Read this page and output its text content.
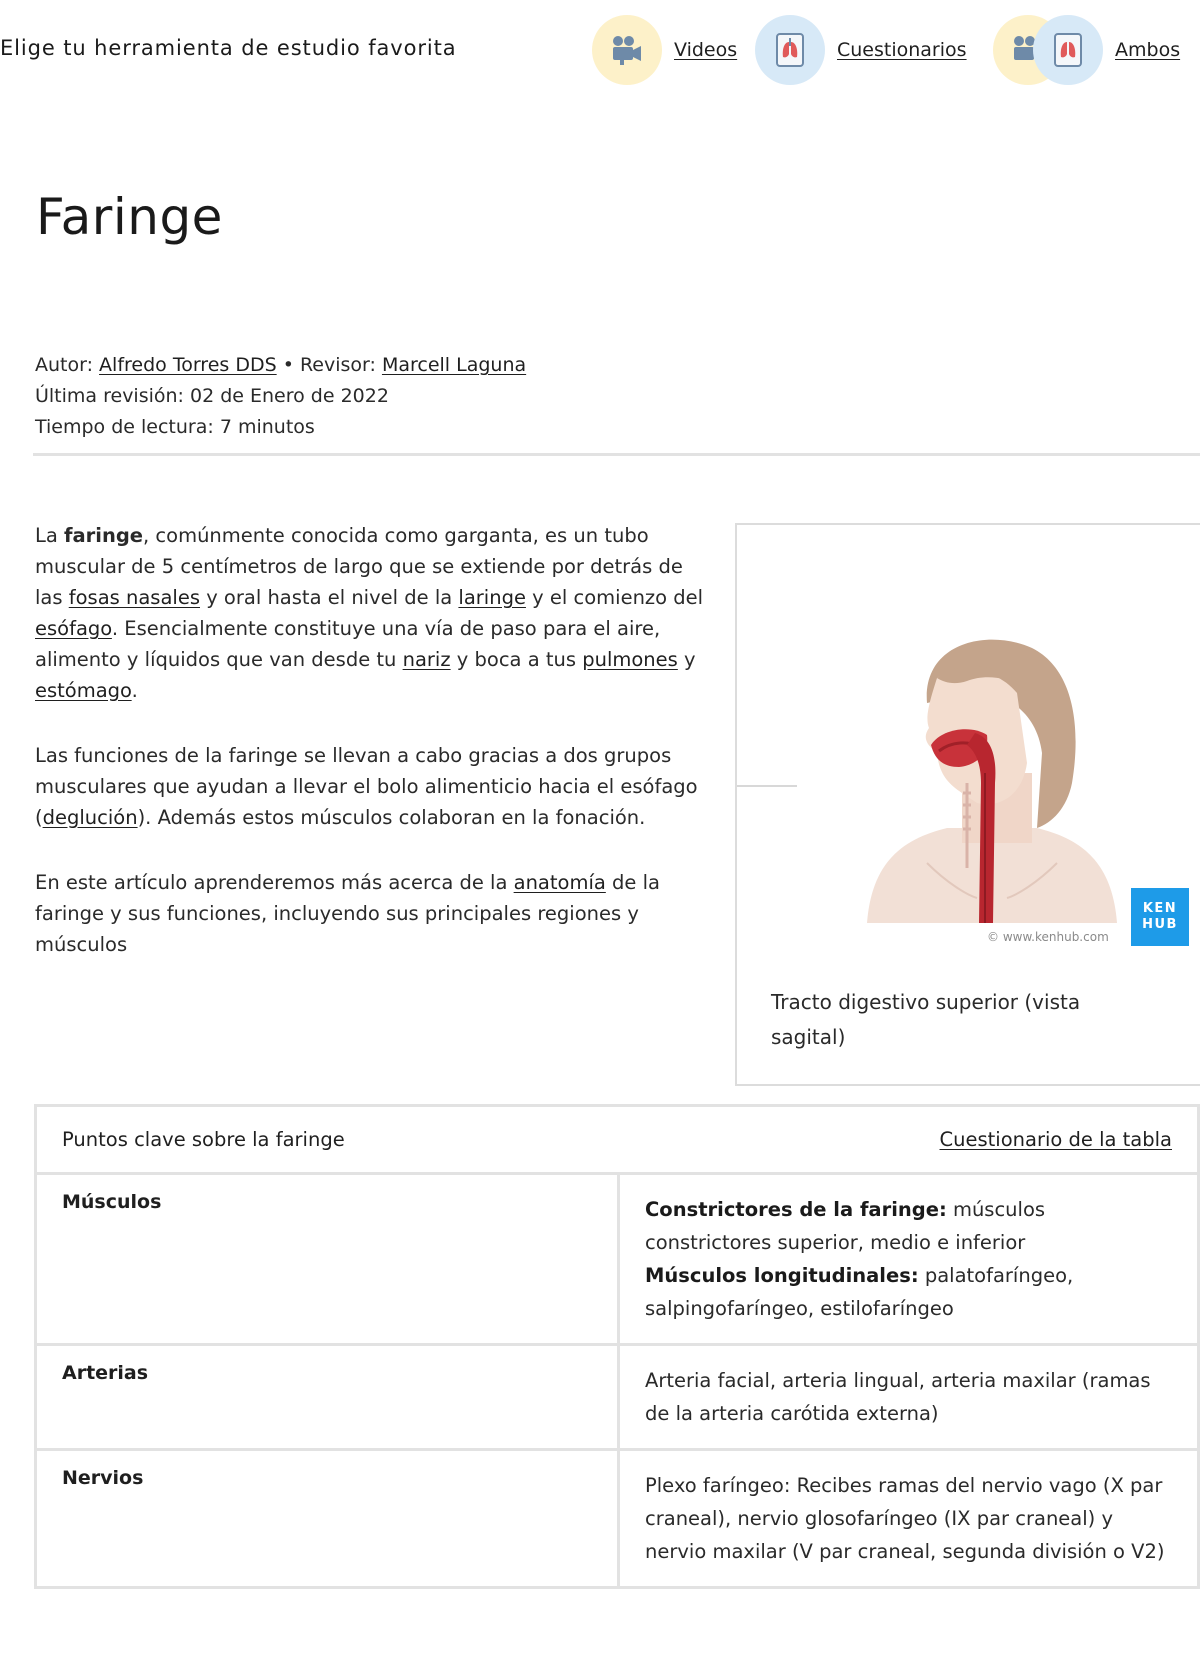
Elige tu herramienta de estudio favorita	Videos	Cuestionarios	Ambos
Faringe
Autor: Alfredo Torres DDS • Revisor: Marcell Laguna
Última revisión: 02 de Enero de 2022
Tiempo de lectura: 7 minutos

La faringe, comúnmente conocida como garganta, es un tubo muscular de 5 centímetros de largo que se extiende por detrás de las fosas nasales y oral hasta el nivel de la laringe y el comienzo del esófago. Esencialmente constituye una vía de paso para el aire, alimento y líquidos que van desde tu nariz y boca a tus pulmones y estómago.

Las funciones de la faringe se llevan a cabo gracias a dos grupos musculares que ayudan a llevar el bolo alimenticio hacia el esófago (deglución). Además estos músculos colaboran en la fonación.

En este artículo aprenderemos más acerca de la anatomía de la faringe y sus funciones, incluyendo sus principales regiones y músculos

KEN
HUB
© www.kenhub.com
Tracto digestivo superior (vista sagital)
Puntos clave sobre la faringe	Cuestionario de la tabla
Músculos	Constrictores de la faringe: músculos constrictores superior, medio e inferior
Músculos longitudinales: palatofaríngeo, salpingofaríngeo, estilofaríngeo
Arterias	Arteria facial, arteria lingual, arteria maxilar (ramas de la arteria carótida externa)
Nervios	Plexo faríngeo: Recibes ramas del nervio vago (X par craneal), nervio glosofaríngeo (IX par craneal) y nervio maxilar (V par craneal, segunda división o V2)
